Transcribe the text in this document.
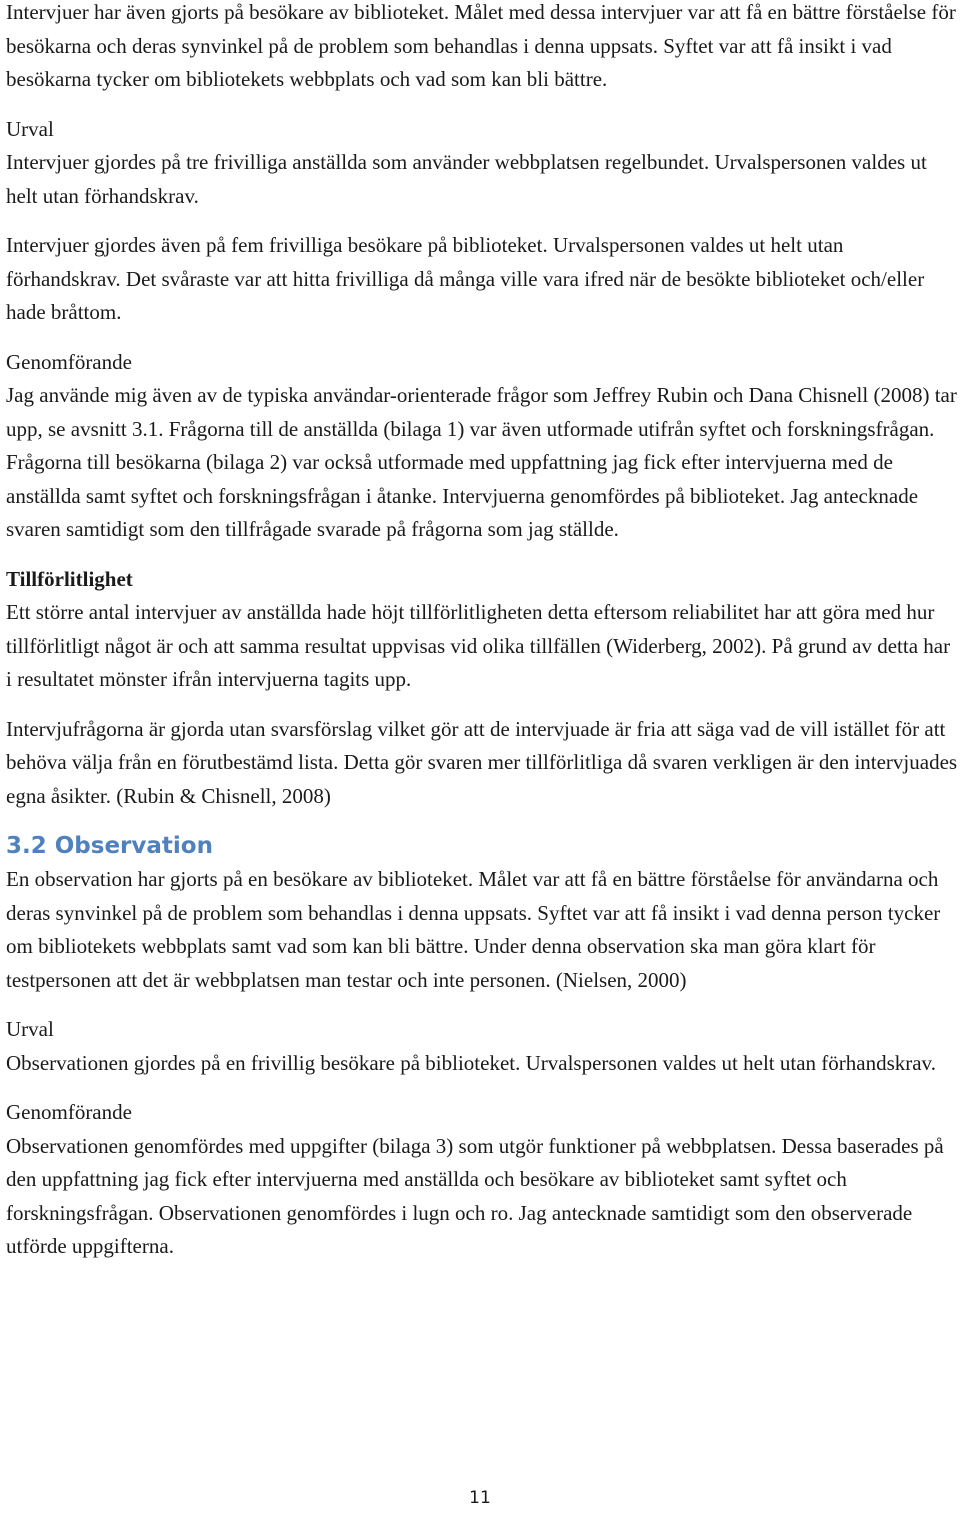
Intervjuer har även gjorts på besökare av biblioteket. Målet med dessa intervjuer var att få en bättre förståelse för besökarna och deras synvinkel på de problem som behandlas i denna uppsats. Syftet var att få insikt i vad besökarna tycker om bibliotekets webbplats och vad som kan bli bättre.

Urval

Intervjuer gjordes på tre frivilliga anställda som använder webbplatsen regelbundet. Urvalspersonen valdes ut helt utan förhandskrav.

Intervjuer gjordes även på fem frivilliga besökare på biblioteket. Urvalspersonen valdes ut helt utan förhandskrav. Det svåraste var att hitta frivilliga då många ville vara ifred när de besökte biblioteket och/eller hade bråttom.

Genomförande

Jag använde mig även av de typiska användar-orienterade frågor som Jeffrey Rubin och Dana Chisnell (2008) tar upp, se avsnitt 3.1. Frågorna till de anställda (bilaga 1) var även utformade utifrån syftet och forskningsfrågan. Frågorna till besökarna (bilaga 2) var också utformade med uppfattning jag fick efter intervjuerna med de anställda samt syftet och forskningsfrågan i åtanke. Intervjuerna genomfördes på biblioteket. Jag antecknade svaren samtidigt som den tillfrågade svarade på frågorna som jag ställde.

Tillförlitlighet

Ett större antal intervjuer av anställda hade höjt tillförlitligheten detta eftersom reliabilitet har att göra med hur tillförlitligt något är och att samma resultat uppvisas vid olika tillfällen (Widerberg, 2002). På grund av detta har i resultatet mönster ifrån intervjuerna tagits upp.

Intervjufrågorna är gjorda utan svarsförslag vilket gör att de intervjuade är fria att säga vad de vill istället för att behöva välja från en förutbestämd lista. Detta gör svaren mer tillförlitliga då svaren verkligen är den intervjuades egna åsikter. (Rubin & Chisnell, 2008)

3.2 Observation

En observation har gjorts på en besökare av biblioteket. Målet var att få en bättre förståelse för användarna och deras synvinkel på de problem som behandlas i denna uppsats. Syftet var att få insikt i vad denna person tycker om bibliotekets webbplats samt vad som kan bli bättre. Under denna observation ska man göra klart för testpersonen att det är webbplatsen man testar och inte personen. (Nielsen, 2000)

Urval

Observationen gjordes på en frivillig besökare på biblioteket. Urvalspersonen valdes ut helt utan förhandskrav.

Genomförande

Observationen genomfördes med uppgifter (bilaga 3) som utgör funktioner på webbplatsen. Dessa baserades på den uppfattning jag fick efter intervjuerna med anställda och besökare av biblioteket samt syftet och forskningsfrågan. Observationen genomfördes i lugn och ro. Jag antecknade samtidigt som den observerade utförde uppgifterna.

11
